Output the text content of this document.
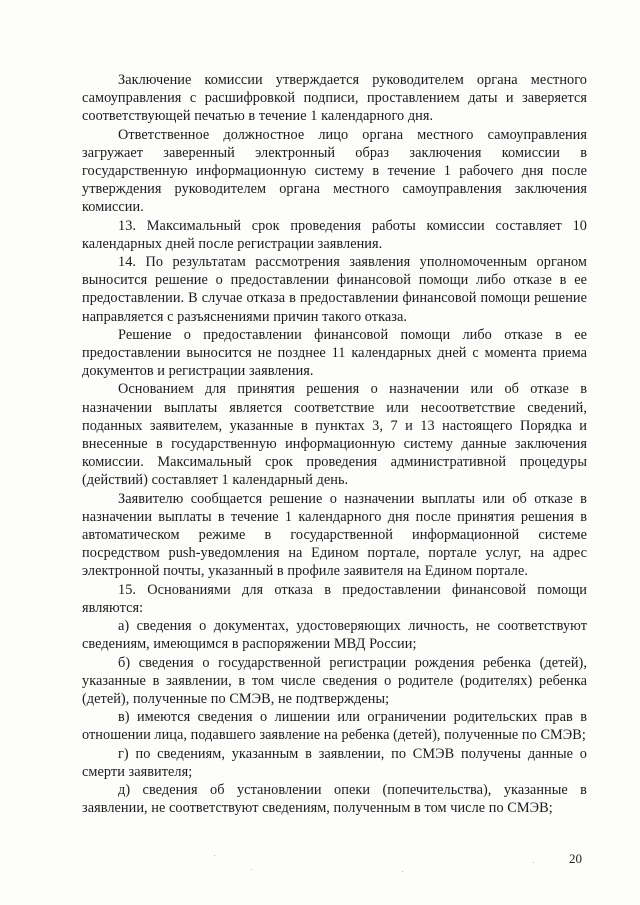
Заключение комиссии утверждается руководителем органа местного самоуправления с расшифровкой подписи, проставлением даты и заверяется соответствующей печатью в течение 1 календарного дня.

Ответственное должностное лицо органа местного самоуправления загружает заверенный электронный образ заключения комиссии в государственную информационную систему в течение 1 рабочего дня после утверждения руководителем органа местного самоуправления заключения комиссии.

13. Максимальный срок проведения работы комиссии составляет 10 календарных дней после регистрации заявления.

14. По результатам рассмотрения заявления уполномоченным органом выносится решение о предоставлении финансовой помощи либо отказе в ее предоставлении. В случае отказа в предоставлении финансовой помощи решение направляется с разъяснениями причин такого отказа.

Решение о предоставлении финансовой помощи либо отказе в ее предоставлении выносится не позднее 11 календарных дней с момента приема документов и регистрации заявления.

Основанием для принятия решения о назначении или об отказе в назначении выплаты является соответствие или несоответствие сведений, поданных заявителем, указанные в пунктах 3, 7 и 13 настоящего Порядка и внесенные в государственную информационную систему данные заключения комиссии. Максимальный срок проведения административной процедуры (действий) составляет 1 календарный день.

Заявителю сообщается решение о назначении выплаты или об отказе в назначении выплаты в течение 1 календарного дня после принятия решения в автоматическом режиме в государственной информационной системе посредством push-уведомления на Едином портале, портале услуг, на адрес электронной почты, указанный в профиле заявителя на Едином портале.

15. Основаниями для отказа в предоставлении финансовой помощи являются:

а) сведения о документах, удостоверяющих личность, не соответствуют сведениям, имеющимся в распоряжении МВД России;

б) сведения о государственной регистрации рождения ребенка (детей), указанные в заявлении, в том числе сведения о родителе (родителях) ребенка (детей), полученные по СМЭВ, не подтверждены;

в) имеются сведения о лишении или ограничении родительских прав в отношении лица, подавшего заявление на ребенка (детей), полученные по СМЭВ;

г) по сведениям, указанным в заявлении, по СМЭВ получены данные о смерти заявителя;

д) сведения об установлении опеки (попечительства), указанные в заявлении, не соответствуют сведениям, полученным в том числе по СМЭВ;

20
